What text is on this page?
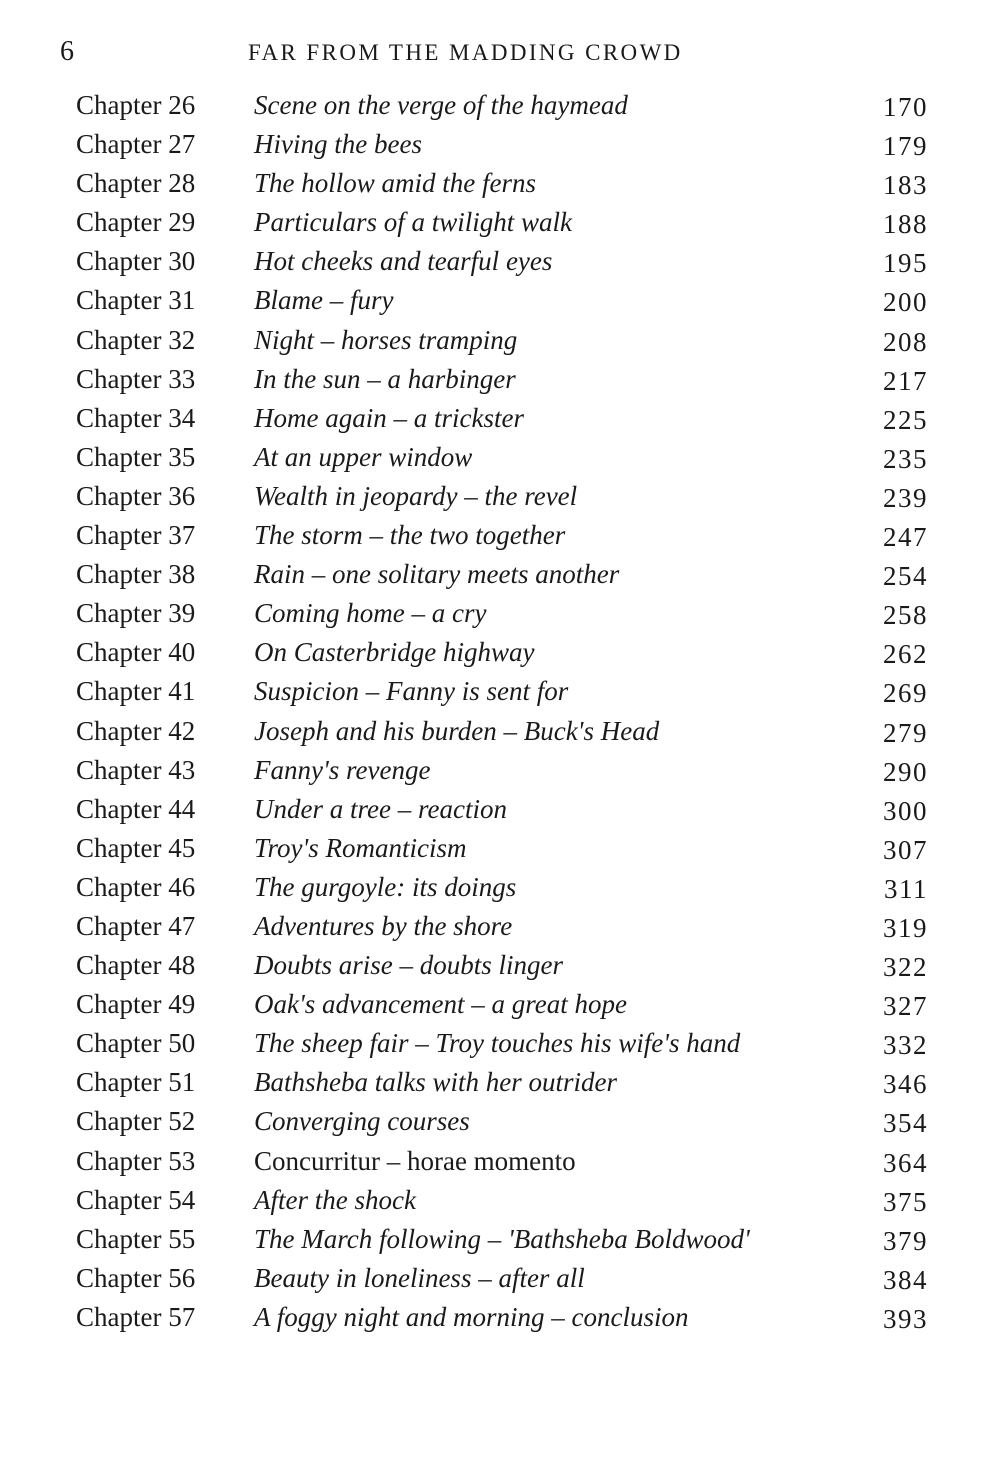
6	FAR FROM THE MADDING CROWD
Chapter 26 Scene on the verge of the haymead	170
Chapter 27 Hiving the bees	179
Chapter 28 The hollow amid the ferns	183
Chapter 29 Particulars of a twilight walk	188
Chapter 30 Hot cheeks and tearful eyes	195
Chapter 31 Blame – fury	200
Chapter 32 Night – horses tramping	208
Chapter 33 In the sun – a harbinger	217
Chapter 34 Home again – a trickster	225
Chapter 35 At an upper window	235
Chapter 36 Wealth in jeopardy – the revel	239
Chapter 37 The storm – the two together	247
Chapter 38 Rain – one solitary meets another	254
Chapter 39 Coming home – a cry	258
Chapter 40 On Casterbridge highway	262
Chapter 41 Suspicion – Fanny is sent for	269
Chapter 42 Joseph and his burden – Buck's Head	279
Chapter 43 Fanny's revenge	290
Chapter 44 Under a tree – reaction	300
Chapter 45 Troy's Romanticism	307
Chapter 46 The gurgoyle: its doings	311
Chapter 47 Adventures by the shore	319
Chapter 48 Doubts arise – doubts linger	322
Chapter 49 Oak's advancement – a great hope	327
Chapter 50 The sheep fair – Troy touches his wife's hand	332
Chapter 51 Bathsheba talks with her outrider	346
Chapter 52 Converging courses	354
Chapter 53 Concurritur – horae momento	364
Chapter 54 After the shock	375
Chapter 55 The March following – 'Bathsheba Boldwood'	379
Chapter 56 Beauty in loneliness – after all	384
Chapter 57 A foggy night and morning – conclusion	393
